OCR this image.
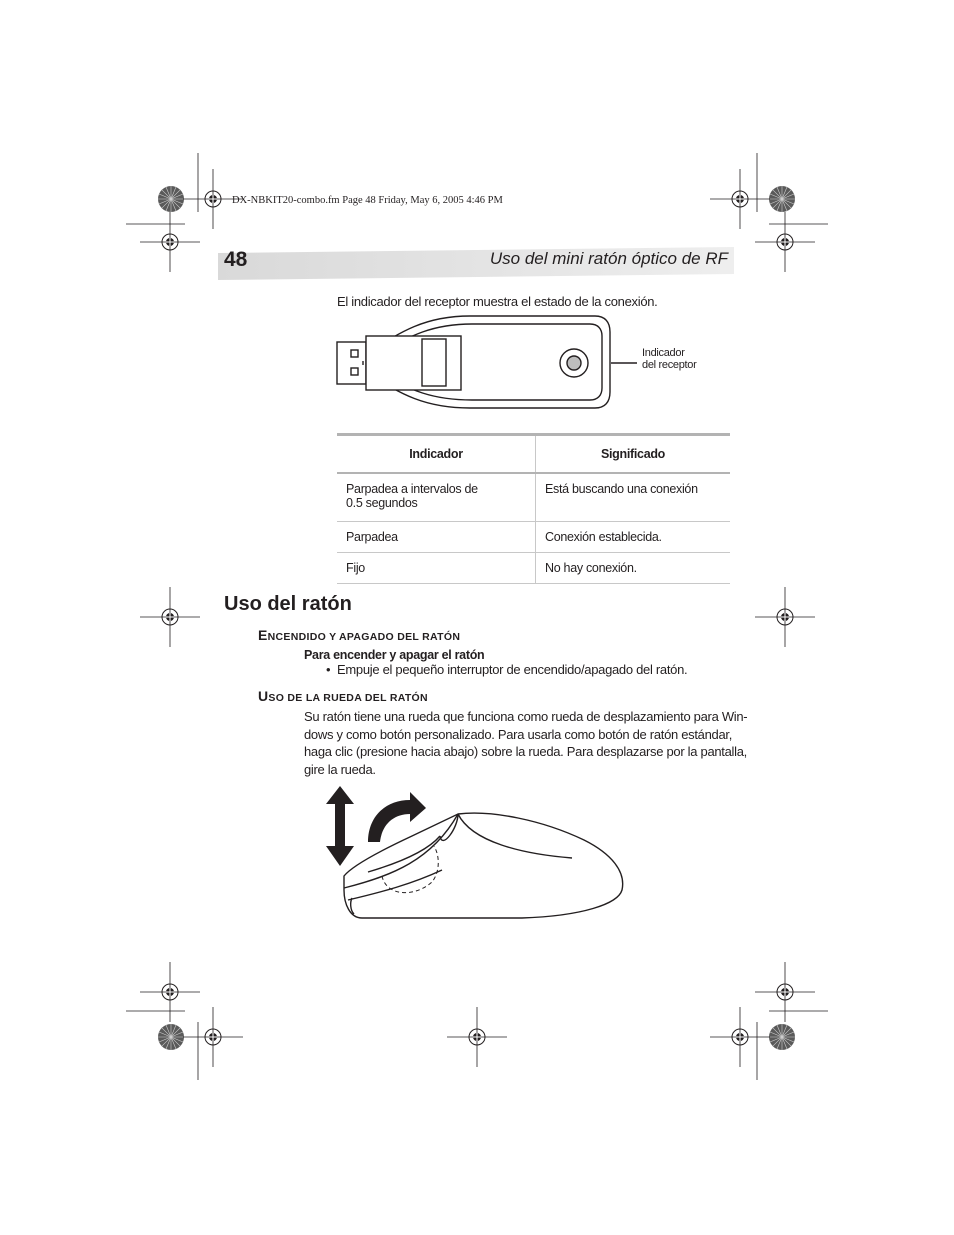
DX-NBKIT20-combo.fm Page 48 Friday, May 6, 2005 4:46 PM
48	Uso del mini ratón óptico de RF
El indicador del receptor muestra el estado de la conexión.
Indicador
del receptor
Indicador	Significado
Parpadea a intervalos de 0.5 segundos	Está buscando una conexión
Parpadea	Conexión establecida.
Fijo	No hay conexión.
Uso del ratón
ENCENDIDO Y APAGADO DEL RATÓN
Para encender y apagar el ratón
• Empuje el pequeño interruptor de encendido/apagado del ratón.
USO DE LA RUEDA DEL RATÓN
Su ratón tiene una rueda que funciona como rueda de desplazamiento para Win-
dows y como botón personalizado. Para usarla como botón de ratón estándar,
haga clic (presione hacia abajo) sobre la rueda. Para desplazarse por la pantalla,
gire la rueda.
